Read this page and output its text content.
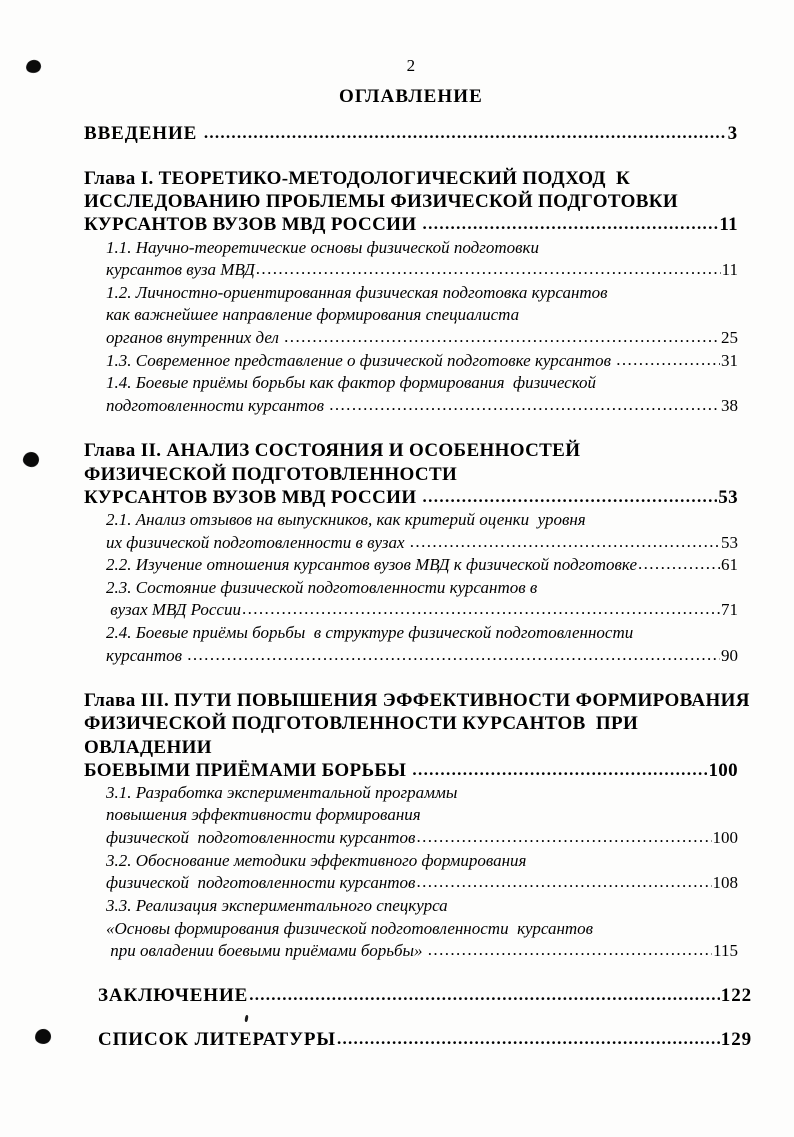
2
ОГЛАВЛЕНИЕ
ВВЕДЕНИЕ .....	3
Глава I. ТЕОРЕТИКО-МЕТОДОЛОГИЧЕСКИЙ ПОДХОД  К
ИССЛЕДОВАНИЮ ПРОБЛЕМЫ ФИЗИЧЕСКОЙ ПОДГОТОВКИ
КУРСАНТОВ ВУЗОВ МВД РОССИИ .....	11
1.1. Научно-теоретические основы физической подготовки
курсантов вуза МВД .....	11
1.2. Личностно-ориентированная физическая подготовка курсантов
как важнейшее направление формирования специалиста
органов внутренних дел .....	25
1.3. Современное представление о физической подготовке курсантов .....	31
1.4. Боевые приёмы борьбы как фактор формирования  физической
подготовленности курсантов .....	38
Глава II. АНАЛИЗ СОСТОЯНИЯ И ОСОБЕННОСТЕЙ
ФИЗИЧЕСКОЙ ПОДГОТОВЛЕННОСТИ
КУРСАНТОВ ВУЗОВ МВД РОССИИ .....	53
2.1. Анализ отзывов на выпускников, как критерий оценки  уровня
их физической подготовленности в вузах .....	53
2.2. Изучение отношения курсантов вузов МВД к физической подготовке .....	61
2.3. Состояние физической подготовленности курсантов в
вузах МВД России .....	71
2.4. Боевые приёмы борьбы  в структуре физической подготовленности
курсантов .....	90
Глава III. ПУТИ ПОВЫШЕНИЯ ЭФФЕКТИВНОСТИ ФОРМИРОВАНИЯ
ФИЗИЧЕСКОЙ ПОДГОТОВЛЕННОСТИ КУРСАНТОВ  ПРИ
ОВЛАДЕНИИ
БОЕВЫМИ ПРИЁМАМИ БОРЬБЫ .....	100
3.1. Разработка экспериментальной программы
повышения эффективности формирования
физической  подготовленности курсантов .....	100
3.2. Обоснование методики эффективного формирования
физической  подготовленности курсантов .....	108
3.3. Реализация экспериментального спецкурса
«Основы формирования физической подготовленности  курсантов
при овладении боевыми приёмами борьбы» .....	115
ЗАКЛЮЧЕНИЕ .....	122
СПИСОК ЛИТЕРАТУРЫ .....	129
